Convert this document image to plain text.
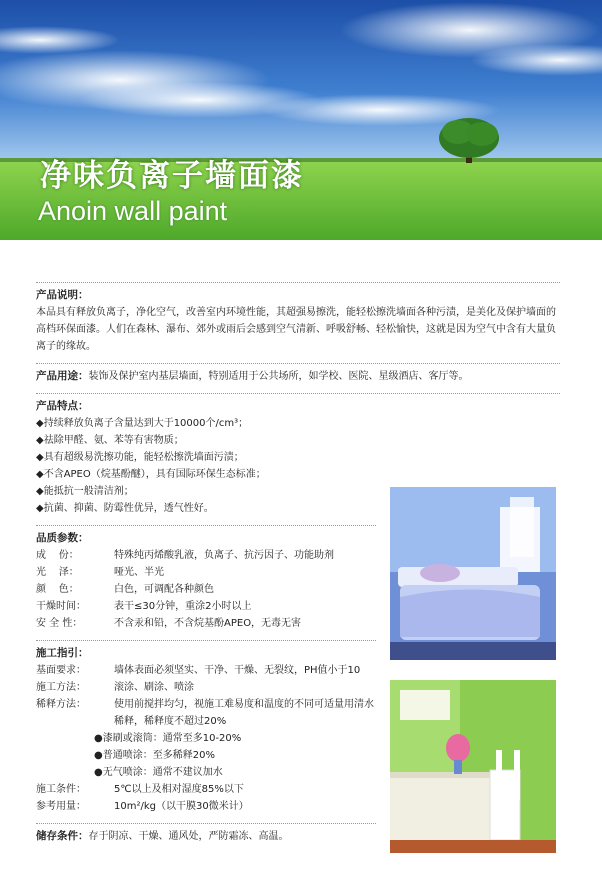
净味负离子墙面漆
Anoin wall paint
产品说明：

本品具有释放负离子，净化空气，改善室内环境性能，其超强易擦洗，能轻松擦洗墙面各种污渍，是美化及保护墙面的高档环保面漆。人们在森林、瀑布、郊外或雨后会感到空气清新、呼吸舒畅、轻松愉快，这就是因为空气中含有大量负离子的缘故。

产品用途： 装饰及保护室内基层墙面，特别适用于公共场所，如学校、医院、星级酒店、客厅等。
产品特点：
◆持续释放负离子含量达到大于10000个/cm³；
◆祛除甲醛、氨、苯等有害物质；
◆具有超级易洗擦功能，能轻松擦洗墙面污渍；
◆不含APEO（烷基酚醚），具有国际环保生态标准；
◆能抵抗一般清洁剂；
◆抗菌、抑菌、防霉性优异，透气性好。
品质参数：
成    份：	特殊纯丙烯酸乳液，负离子、抗污因子、功能助剂
光    泽：	哑光、半光
颜    色：	白色，可调配各种颜色
干燥时间：	表干≤30分钟，重涂2小时以上
安 全 性：	不含汞和铅，不含烷基酚APEO，无毒无害
施工指引：
基面要求：	墙体表面必须坚实、干净、干燥、无裂纹，PH值小于10
施工方法：	滚涂、刷涂、喷涂
稀释方法：	使用前搅拌均匀，视施工难易度和温度的不同可适量用清水稀释，稀释度不超过20%
●漆刷或滚筒：通常至多10-20%
●普通喷涂：至多稀释20%
●无气喷涂：通常不建议加水
施工条件：	5℃以上及相对湿度85%以下
参考用量：	10m²/kg（以干膜30微米计）
储存条件： 存于阴凉、干燥、通风处，严防霜冻、高温。
